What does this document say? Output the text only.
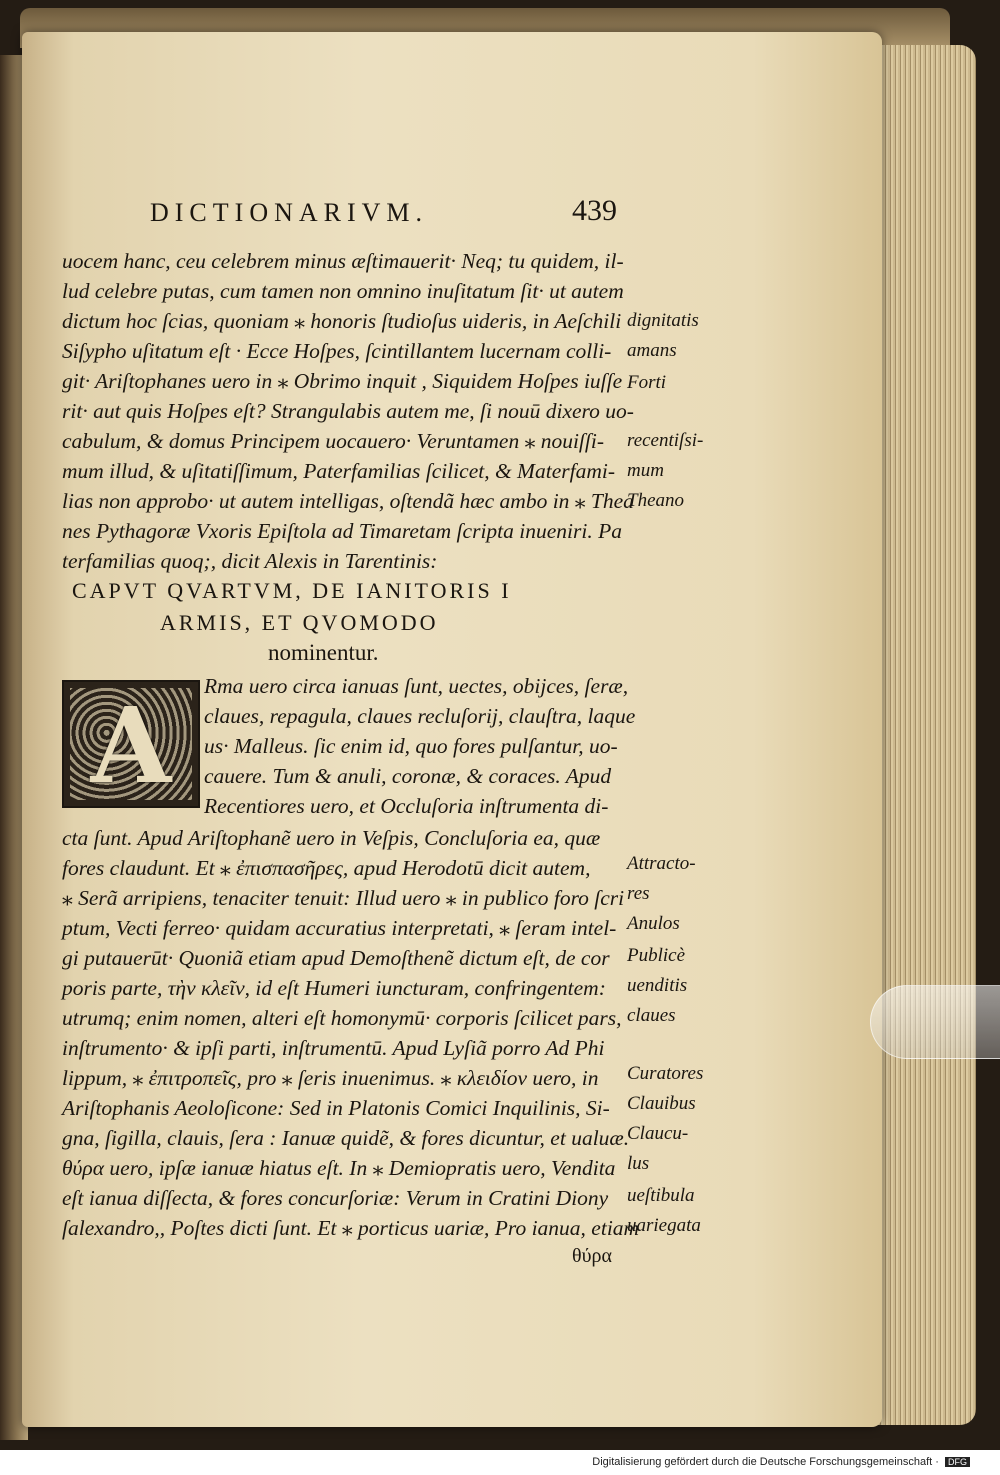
DICTIONARIVM.	439
uocem hanc, ceu celebrem minus æſtimauerit· Neq; tu quidem, il-
lud celebre putas, cum tamen non omnino inuſitatum ſit· ut autem
dictum hoc ſcias, quoniam ⁎ honoris ſtudioſus uideris, in Aeſchili
Siſypho uſitatum eſt · Ecce Hoſpes, ſcintillantem lucernam colli-
git· Ariſtophanes uero in ⁎ Obrimo inquit , Siquidem Hoſpes iuſſe
rit· aut quis Hoſpes eſt? Strangulabis autem me, ſi nouū dixero uo-
cabulum, & domus Principem uocauero· Veruntamen ⁎ nouiſſi-
mum illud, & uſitatiſſimum, Paterfamilias ſcilicet, & Materfami-
lias non approbo· ut autem intelligas, oſtendã hæc ambo in ⁎ Thea
nes Pythagoræ Vxoris Epiſtola ad Timaretam ſcripta inueniri. Pa
terfamilias quoq;, dicit Alexis in Tarentinis:
CAPVT QVARTVM, DE IANITORIS I
ARMIS, ET QVOMODO
nominentur.
A	Rma uero circa ianuas ſunt, uectes, obijces, ſeræ,
claues, repagula, claues recluſorij, clauſtra, laque
us· Malleus. ſic enim id, quo fores pulſantur, uo-
cauere. Tum & anuli, coronæ, & coraces. Apud
Recentiores uero, et Occluſoria inſtrumenta di-
cta ſunt. Apud Ariſtophanẽ uero in Veſpis, Concluſoria ea, quæ
fores claudunt. Et ⁎ ἐπισπασῆρες, apud Herodotū dicit autem,
⁎ Serã arripiens, tenaciter tenuit: Illud uero ⁎ in publico foro ſcri
ptum, Vecti ferreo· quidam accuratius interpretati, ⁎ ſeram intel-
gi putauerūt· Quoniã etiam apud Demoſthenẽ dictum eſt, de cor
poris parte, τὴν κλεῖν, id eſt Humeri iuncturam, confringentem:
utrumq; enim nomen, alteri eſt homonymū· corporis ſcilicet pars,
inſtrumento· & ipſi parti, inſtrumentū. Apud Lyſiã porro Ad Phi
lippum, ⁎ ἐπιτροπεῖς, pro ⁎ ſeris inuenimus. ⁎ κλειδίον uero, in
Ariſtophanis Aeoloſicone: Sed in Platonis Comici Inquilinis, Si-
gna, ſigilla, clauis, ſera : Ianuæ quidẽ, & fores dicuntur, et ualuæ.
θύρα uero, ipſæ ianuæ hiatus eſt. In ⁎ Demiopratis uero, Vendita
eſt ianua diſſecta, & fores concurſoriæ: Verum in Cratini Diony
ſalexandro,, Poſtes dicti ſunt. Et ⁎ porticus uariæ, Pro ianua, etiam
θύρα
dignitatis
amans
Forti
recentiſsi-
mum
Theano
Attracto-
res
Anulos
Publicè
uenditis
claues
Curatores
Clauibus
Claucu-
lus
ueſtibula
uariegata
Digitalisierung gefördert durch die Deutsche Forschungsgemeinschaft · DFG
